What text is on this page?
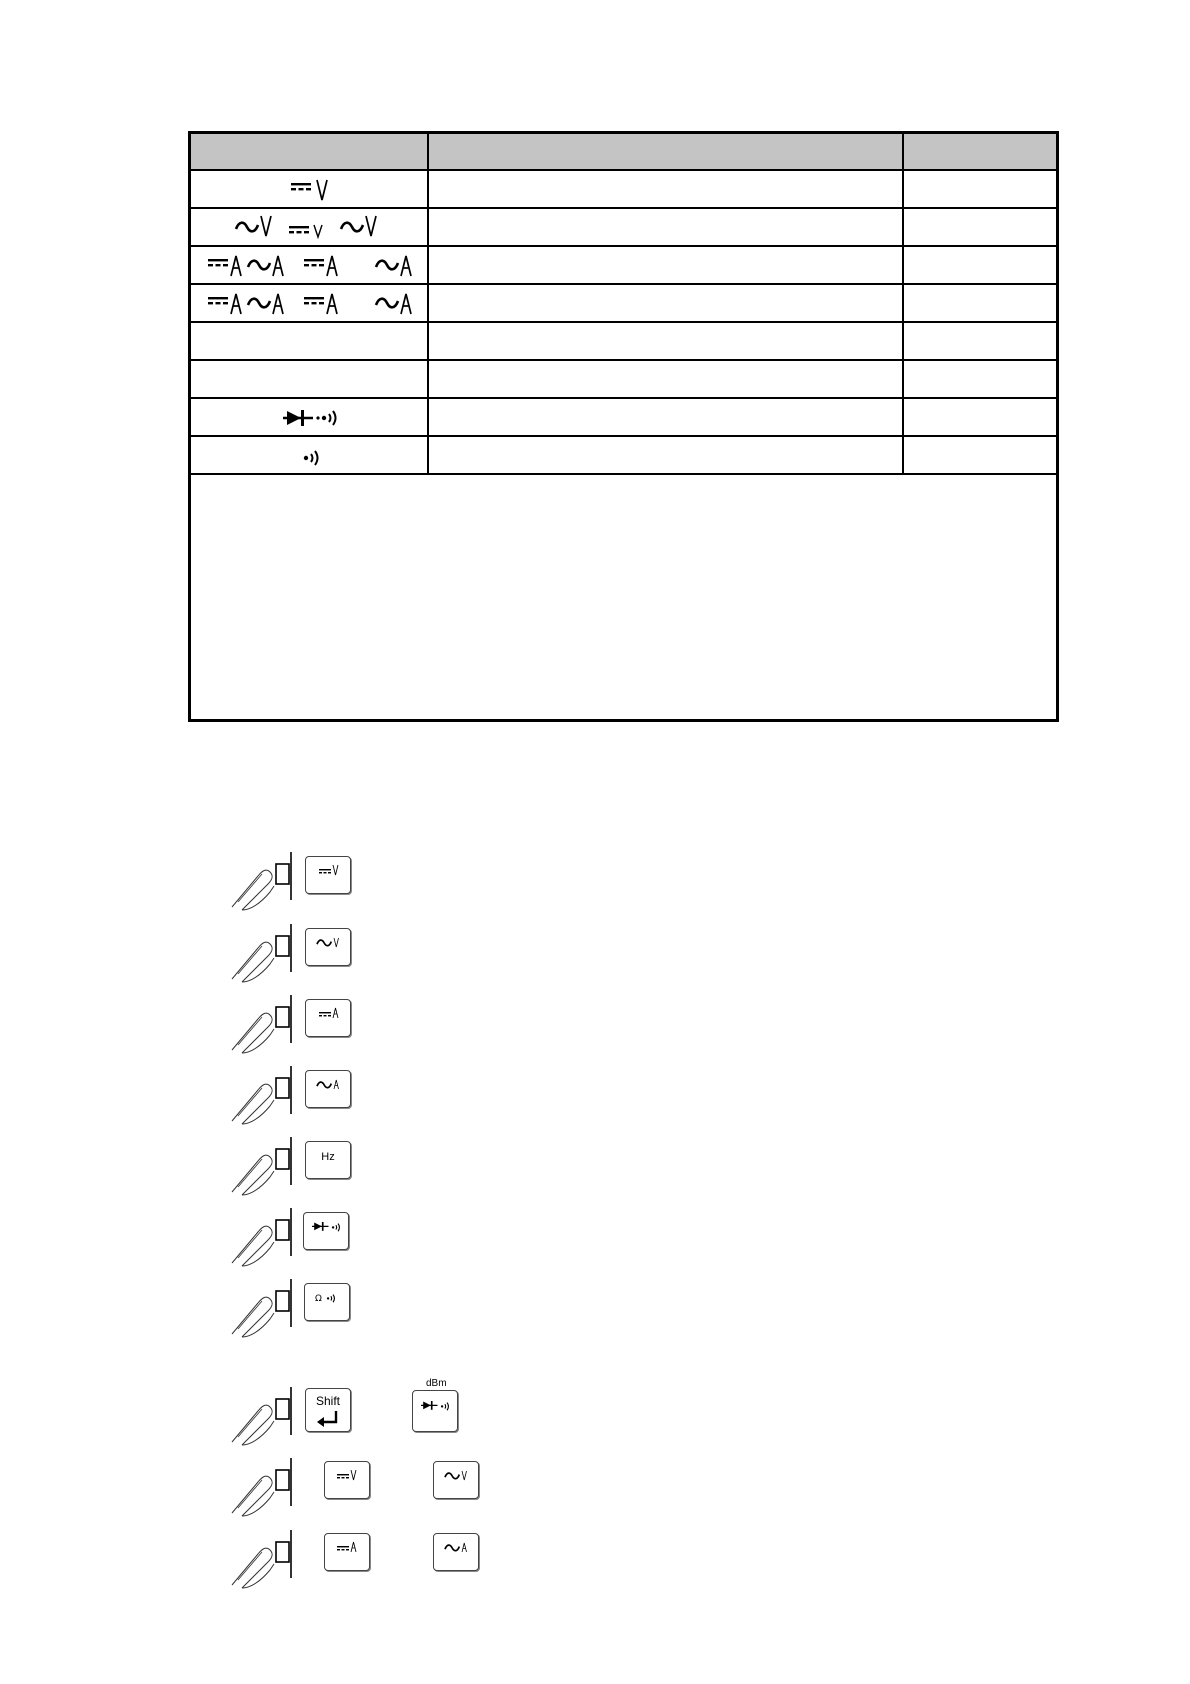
Hz
Ω
Shift
dBm
